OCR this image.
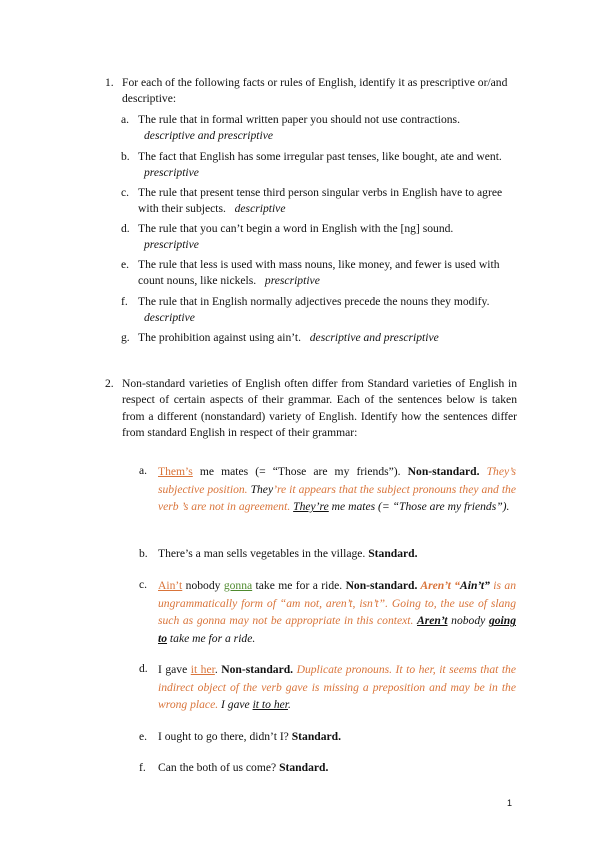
1. For each of the following facts or rules of English, identify it as prescriptive or/and descriptive:
a. The rule that in formal written paper you should not use contractions.
descriptive and prescriptive
b. The fact that English has some irregular past tenses, like bought, ate and went.
prescriptive
c. The rule that present tense third person singular verbs in English have to agree with their subjects. descriptive
d. The rule that you can’t begin a word in English with the [ng] sound.
prescriptive
e. The rule that less is used with mass nouns, like money, and fewer is used with count nouns, like nickels. prescriptive
f. The rule that in English normally adjectives precede the nouns they modify.
descriptive
g. The prohibition against using ain’t. descriptive and prescriptive
2. Non-standard varieties of English often differ from Standard varieties of English in respect of certain aspects of their grammar. Each of the sentences below is taken from a different (nonstandard) variety of English. Identify how the sentences differ from standard English in respect of their grammar:
a. Them’s me mates (= “Those are my friends”). Non-standard. They’s subjective position. They’re it appears that the subject pronouns they and the verb ’s are not in agreement. They’re me mates (= “Those are my friends”).
b. There’s a man sells vegetables in the village. Standard.
c. Ain’t nobody gonna take me for a ride. Non-standard. Aren’t “Ain’t” is an ungrammatically form of “am not, aren’t, isn’t”. Going to, the use of slang such as gonna may not be appropriate in this context. Aren’t nobody going to take me for a ride.
d. I gave it her. Non-standard. Duplicate pronouns. It to her, it seems that the indirect object of the verb gave is missing a preposition and may be in the wrong place. I gave it to her.
e. I ought to go there, didn’t I? Standard.
f. Can the both of us come? Standard.
1
